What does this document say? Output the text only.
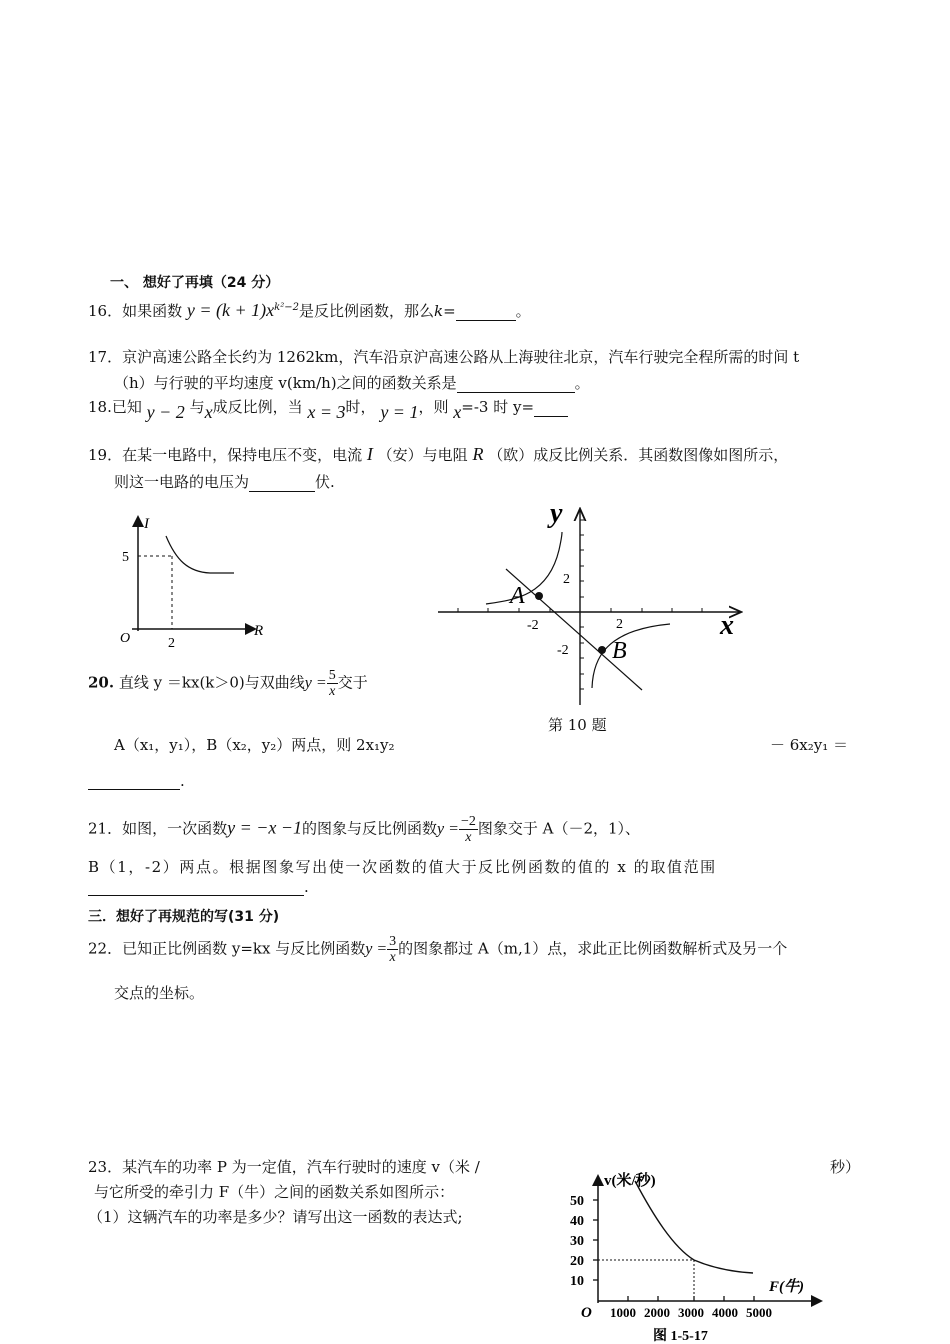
一、 想好了再填（24 分）
16．如果函数 $y = (k + 1)x^{k^2-2}$是反比例函数，那么k=	。
17．京沪高速公路全长约为 1262km，汽车沿京沪高速公路从上海驶往北京，汽车行驶完全程所需的时间 t
（h）与行驶的平均速度 v(km/h)之间的函数关系是	。
18.已知 y − 2 与x成反比例，当 x = 3时， y = 1，则 x=-3 时 y=
19．在某一电路中，保持电压不变，电流 I （安）与电阻 R （欧）成反比例关系．其函数图像如图所示，
则这一电路的电压为	伏.
I
R
O
5
2
A
B
y
x
2
-2
-2	2
第 10 题
20. 直线 y ＝kx(k＞0)与双曲线$y = \frac{5}{x}$ 交于
A（x₁，y₁），B（x₂，y₂）两点，则 2x₁y₂	－ 6x₂y₁ ＝
.
21．如图，一次函数y = −x −1的图象与反比例函数$y = \frac{-2}{x}$ 图象交于 A（－2，1）、
B（1，-2）两点。根据图象写出使一次函数的值大于反比例函数的值的 x 的取值范围
.
三．想好了再规范的写(31 分)
22．已知正比例函数 y=kx 与反比例函数$y = \frac{3}{x}$ 的图象都过 A（m,1）点，求此正比例函数解析式及另一个
交点的坐标。
23．某汽车的功率 P 为一定值，汽车行驶时的速度 v（米 /	秒）
与它所受的牵引力 F（牛）之间的函数关系如图所示：
（1）这辆汽车的功率是多少？请写出这一函数的表达式;
v(米/秒)
F(牛)
O
10
20
30
40
50
1000 2000 3000 4000 5000
图 1-5-17
